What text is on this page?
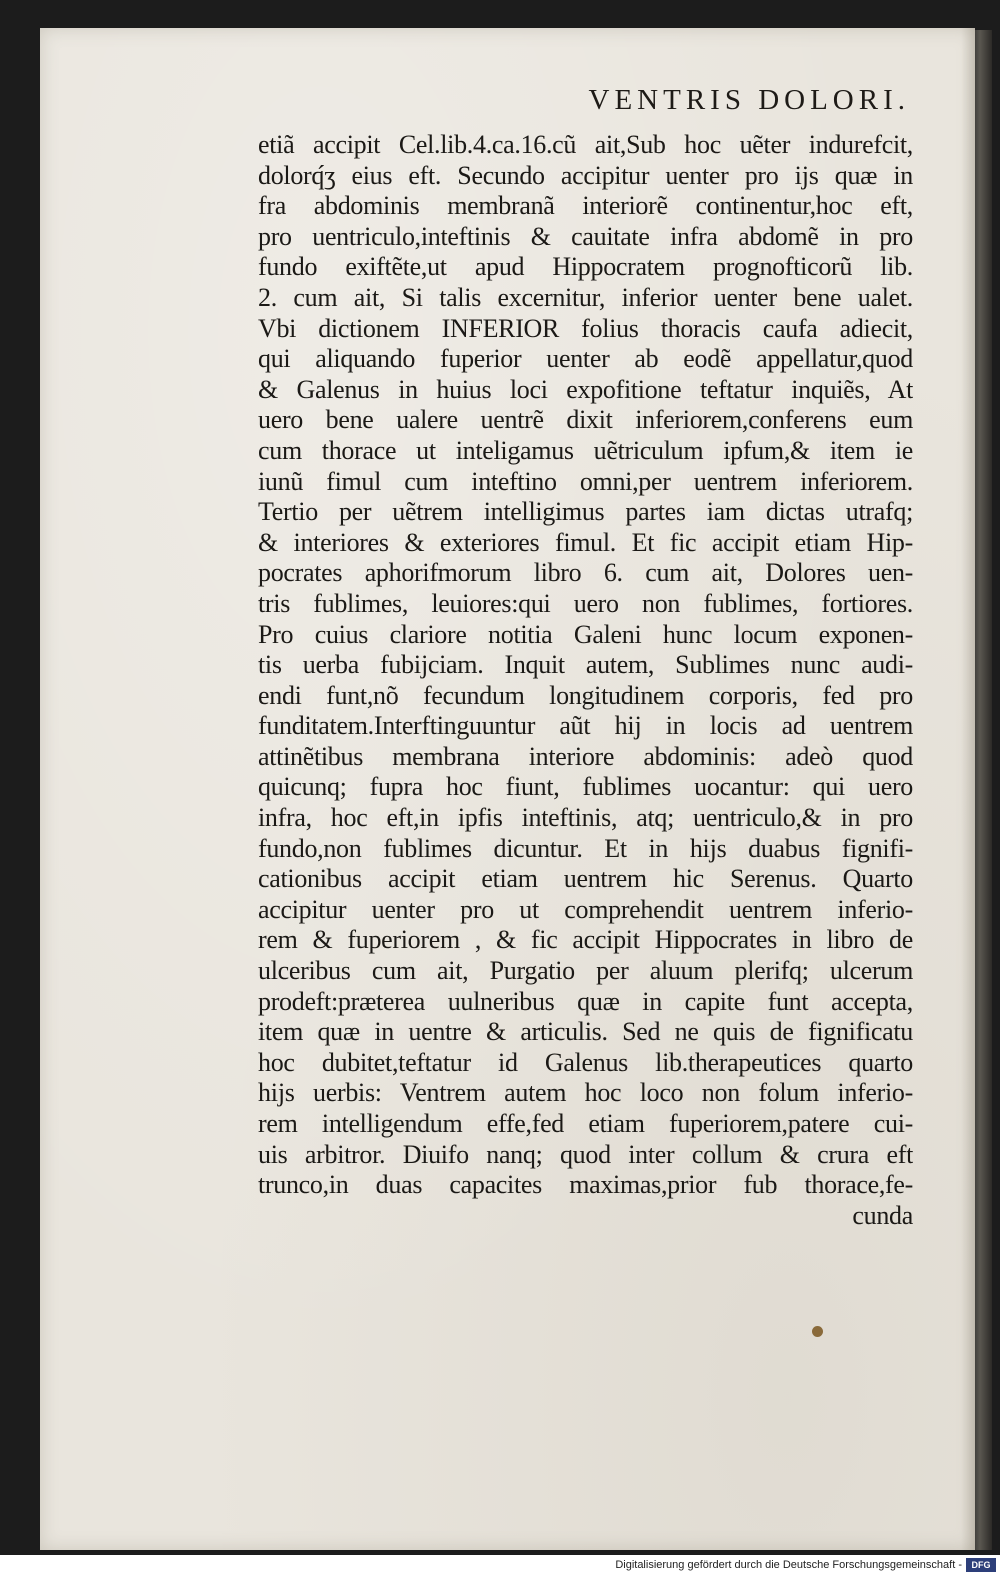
VENTRIS DOLORI.
etiã accipit Cel.lib.4.ca.16.cũ ait,Sub hoc uẽter indurefcit,
dolorq́ʒ eius eft. Secundo accipitur uenter pro ĳs quæ in
fra abdominis membranã interiorẽ continentur,hoc eft,
pro uentriculo,inteftinis & cauitate infra abdomẽ in pro
fundo exiftẽte,ut apud Hippocratem prognofticorũ lib.
2. cum ait, Si talis excernitur, inferior uenter bene ualet.
Vbi dictionem INFERIOR folius thoracis caufa adiecit,
qui aliquando fuperior uenter ab eodẽ appellatur,quod
& Galenus in huius loci expofitione teftatur inquiẽs, At
uero bene ualere uentrẽ dixit inferiorem,conferens eum
cum thorace ut inteligamus uẽtriculum ipfum,& item ie
iunũ fimul cum inteftino omni,per uentrem inferiorem.
Tertio per uẽtrem intelligimus partes iam dictas utrafq;
& interiores & exteriores fimul. Et fic accipit etiam Hip-
pocrates aphorifmorum libro 6. cum ait, Dolores uen-
tris fublimes, leuiores:qui uero non fublimes, fortiores.
Pro cuius clariore notitia Galeni hunc locum exponen-
tis uerba fubĳciam. Inquit autem, Sublimes nunc audi-
endi funt,nõ fecundum longitudinem corporis, fed pro
funditatem.Interftinguuntur aũt hĳ in locis ad uentrem
attinẽtibus membrana interiore abdominis: adeò quod
quicunq; fupra hoc fiunt, fublimes uocantur: qui uero
infra, hoc eft,in ipfis inteftinis, atq; uentriculo,& in pro
fundo,non fublimes dicuntur. Et in hĳs duabus fignifi-
cationibus accipit etiam uentrem hic Serenus. Quarto
accipitur uenter pro ut comprehendit uentrem inferio-
rem & fuperiorem , & fic accipit Hippocrates in libro de
ulceribus cum ait, Purgatio per aluum plerifq; ulcerum
prodeft:præterea uulneribus quæ in capite funt accepta,
item quæ in uentre & articulis. Sed ne quis de fignificatu
hoc dubitet,teftatur id Galenus lib.therapeutices quarto
hĳs uerbis: Ventrem autem hoc loco non folum inferio-
rem intelligendum effe,fed etiam fuperiorem,patere cui-
uis arbitror. Diuifo nanq; quod inter collum & crura eft
trunco,in duas capacites maximas,prior fub thorace,fe-
cunda
Digitalisierung gefördert durch die Deutsche Forschungsgemeinschaft -	DFG
